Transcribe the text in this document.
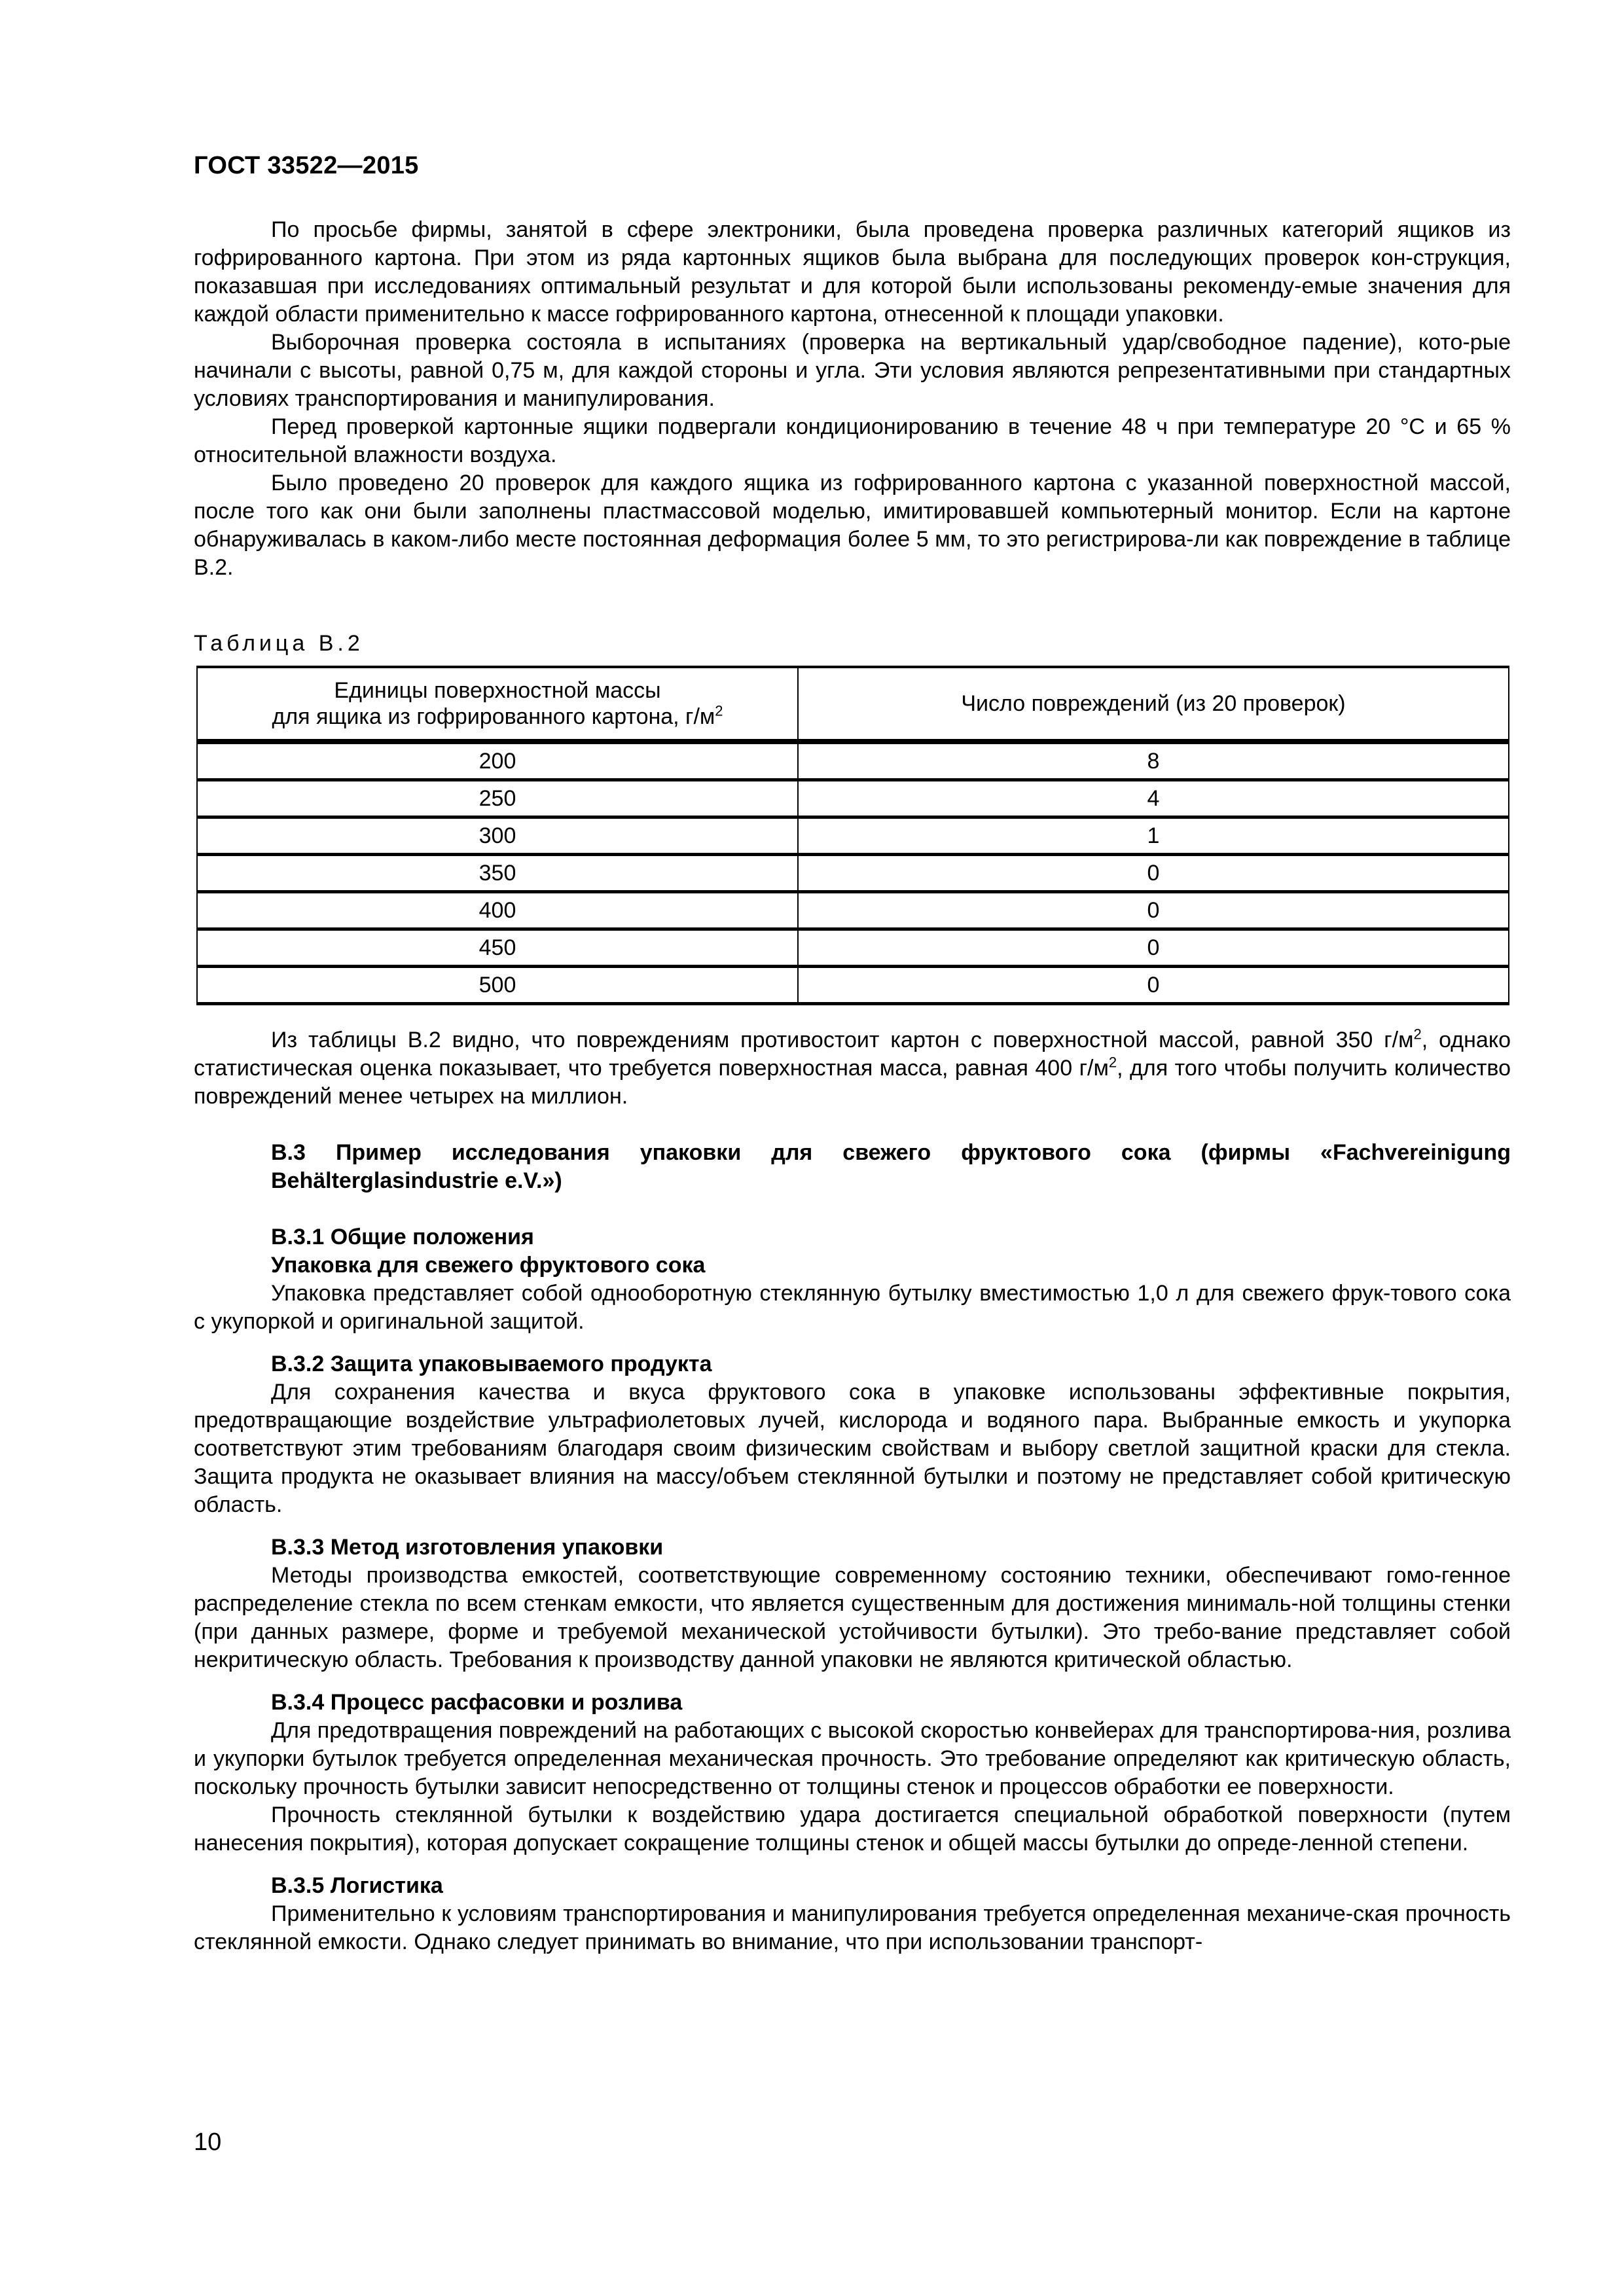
ГОСТ 33522—2015

По просьбе фирмы, занятой в сфере электроники, была проведена проверка различных категорий ящиков из гофрированного картона. При этом из ряда картонных ящиков была выбрана для последующих проверок кон-струкция, показавшая при исследованиях оптимальный результат и для которой были использованы рекоменду-емые значения для каждой области применительно к массе гофрированного картона, отнесенной к площади упаковки.

Выборочная проверка состояла в испытаниях (проверка на вертикальный удар/свободное падение), кото-рые начинали с высоты, равной 0,75 м, для каждой стороны и угла. Эти условия являются репрезентативными при стандартных условиях транспортирования и манипулирования.

Перед проверкой картонные ящики подвергали кондиционированию в течение 48 ч при температуре 20 °С и 65 % относительной влажности воздуха.

Было проведено 20 проверок для каждого ящика из гофрированного картона с указанной поверхностной массой, после того как они были заполнены пластмассовой моделью, имитировавшей компьютерный монитор. Если на картоне обнаруживалась в каком-либо месте постоянная деформация более 5 мм, то это регистрирова-ли как повреждение в таблице В.2.

Таблица В.2

Единицы поверхностной массы
для ящика из гофрированного картона, $г/м^2$	Число повреждений (из 20 проверок)

200	8
250	4
300	1
350	0
400	0
450	0
500	0

Из таблицы В.2 видно, что повреждениям противостоит картон с поверхностной массой, равной 350 $г/м^2$, однако статистическая оценка показывает, что требуется поверхностная масса, равная 400 $г/м^2$, для того чтобы получить количество повреждений менее четырех на миллион.

В.3 Пример исследования упаковки для свежего фруктового сока (фирмы «Fachvereinigung Behälterglasindustrie e.V.»)

В.3.1 Общие положения

Упаковка для свежего фруктового сока

Упаковка представляет собой однооборотную стеклянную бутылку вместимостью 1,0 л для свежего фрук-тового сока с укупоркой и оригинальной защитой.

В.3.2 Защита упаковываемого продукта

Для сохранения качества и вкуса фруктового сока в упаковке использованы эффективные покрытия, предотвращающие воздействие ультрафиолетовых лучей, кислорода и водяного пара. Выбранные емкость и укупорка соответствуют этим требованиям благодаря своим физическим свойствам и выбору светлой защитной краски для стекла. Защита продукта не оказывает влияния на массу/объем стеклянной бутылки и поэтому не представляет собой критическую область.

В.3.3 Метод изготовления упаковки

Методы производства емкостей, соответствующие современному состоянию техники, обеспечивают гомо-генное распределение стекла по всем стенкам емкости, что является существенным для достижения минималь-ной толщины стенки (при данных размере, форме и требуемой механической устойчивости бутылки). Это требо-вание представляет собой некритическую область. Требования к производству данной упаковки не являются критической областью.

В.3.4 Процесс расфасовки и розлива

Для предотвращения повреждений на работающих с высокой скоростью конвейерах для транспортирова-ния, розлива и укупорки бутылок требуется определенная механическая прочность. Это требование определяют как критическую область, поскольку прочность бутылки зависит непосредственно от толщины стенок и процессов обработки ее поверхности.

Прочность стеклянной бутылки к воздействию удара достигается специальной обработкой поверхности (путем нанесения покрытия), которая допускает сокращение толщины стенок и общей массы бутылки до опреде-ленной степени.

В.3.5 Логистика

Применительно к условиям транспортирования и манипулирования требуется определенная механиче-ская прочность стеклянной емкости. Однако следует принимать во внимание, что при использовании транспорт-

10
